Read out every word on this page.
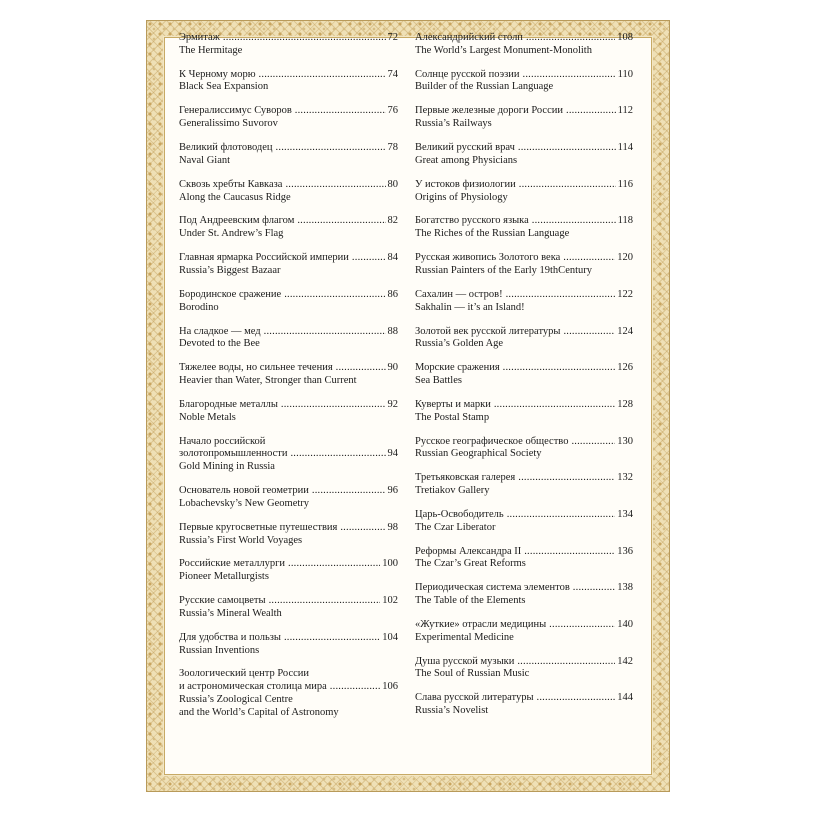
Эрмитаж .....	72
The Hermitage
К Черному морю .....	74
Black Sea Expansion
Генералиссимус Суворов .....	76
Generalissimo Suvorov
Великий флотоводец .....	78
Naval Giant
Сквозь хребты Кавказа .....	80
Along the Caucasus Ridge
Под Андреевским флагом .....	82
Under St. Andrew’s Flag
Главная ярмарка Российской империи .....	84
Russia’s Biggest Bazaar
Бородинское сражение .....	86
Borodino
На сладкое — мед .....	88
Devoted to the Bee
Тяжелее воды, но сильнее течения .....	90
Heavier than Water, Stronger than Current
Благородные металлы .....	92
Noble Metals
Начало российской
золотопромышленности .....	94
Gold Mining in Russia
Основатель новой геометрии .....	96
Lobachevsky’s New Geometry
Первые кругосветные путешествия .....	98
Russia’s First World Voyages
Российские металлурги .....	100
Pioneer Metallurgists
Русские самоцветы .....	102
Russia’s Mineral Wealth
Для удобства и пользы .....	104
Russian Inventions
Зоологический центр России
и астрономическая столица мира .....	106
Russia’s Zoological Centre
and the World’s Capital of Astronomy
Александрийский столп .....	108
The World’s Largest Monument-Monolith
Солнце русской поэзии .....	110
Builder of the Russian Language
Первые железные дороги России .....	112
Russia’s Railways
Великий русский врач .....	114
Great among Physicians
У истоков физиологии .....	116
Origins of Physiology
Богатство русского языка .....	118
The Riches of the Russian Language
Русская живопись Золотого века .....	120
Russian Painters of the Early 19thCentury
Сахалин — остров! .....	122
Sakhalin — it’s an Island!
Золотой век русской литературы .....	124
Russia’s Golden Age
Морские сражения .....	126
Sea Battles
Куверты и марки .....	128
The Postal Stamp
Русское географическое общество .....	130
Russian Geographical Society
Третьяковская галерея .....	132
Tretiakov Gallery
Царь-Освободитель .....	134
The Czar Liberator
Реформы Александра II .....	136
The Czar’s Great Reforms
Периодическая система элементов .....	138
The Table of the Elements
«Жуткие» отрасли медицины .....	140
Experimental Medicine
Душа русской музыки .....	142
The Soul of Russian Music
Слава русской литературы .....	144
Russia’s Novelist
